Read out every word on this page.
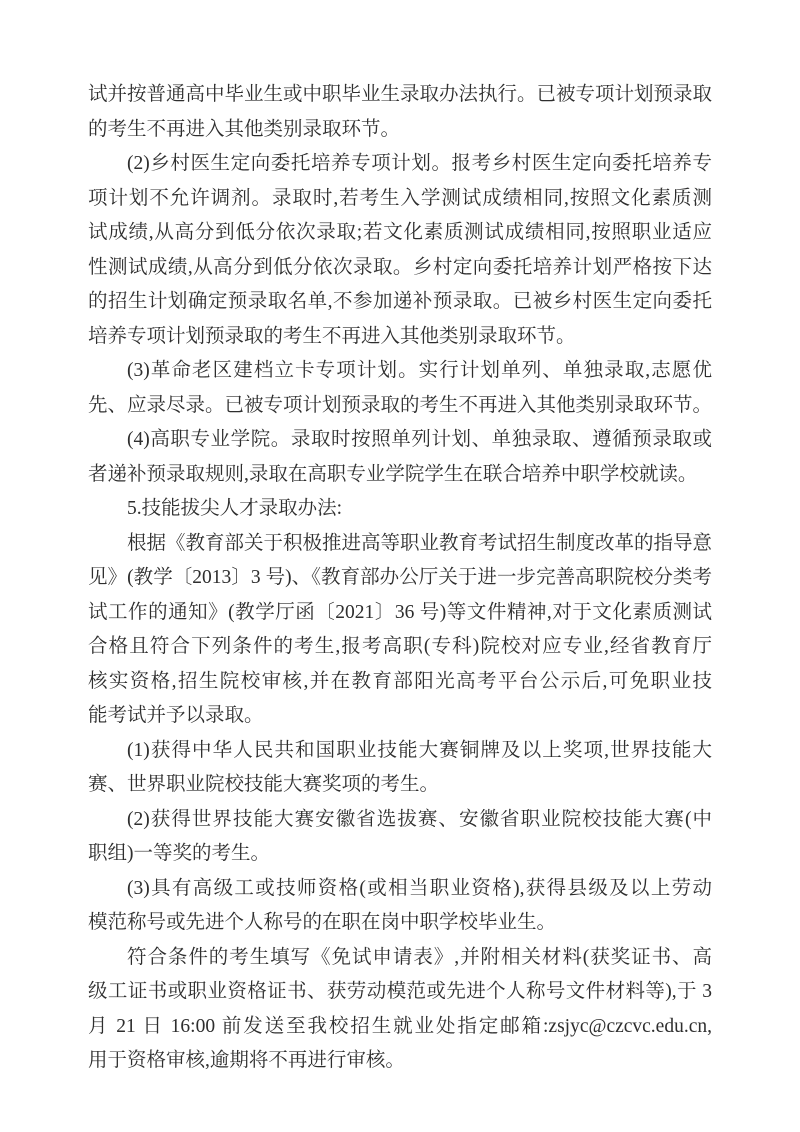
试并按普通高中毕业生或中职毕业生录取办法执行。已被专项计划预录取
的考生不再进入其他类别录取环节。
(2)乡村医生定向委托培养专项计划。报考乡村医生定向委托培养专
项计划不允许调剂。录取时,若考生入学测试成绩相同,按照文化素质测
试成绩,从高分到低分依次录取;若文化素质测试成绩相同,按照职业适应
性测试成绩,从高分到低分依次录取。乡村定向委托培养计划严格按下达
的招生计划确定预录取名单,不参加递补预录取。已被乡村医生定向委托
培养专项计划预录取的考生不再进入其他类别录取环节。
(3)革命老区建档立卡专项计划。实行计划单列、单独录取,志愿优
先、应录尽录。已被专项计划预录取的考生不再进入其他类别录取环节。
(4)高职专业学院。录取时按照单列计划、单独录取、遵循预录取或
者递补预录取规则,录取在高职专业学院学生在联合培养中职学校就读。
5.技能拔尖人才录取办法:
根据《教育部关于积极推进高等职业教育考试招生制度改革的指导意
见》(教学〔2013〕3 号)、《教育部办公厅关于进一步完善高职院校分类考
试工作的通知》(教学厅函〔2021〕36 号)等文件精神,对于文化素质测试
合格且符合下列条件的考生,报考高职(专科)院校对应专业,经省教育厅
核实资格,招生院校审核,并在教育部阳光高考平台公示后,可免职业技
能考试并予以录取。
(1)获得中华人民共和国职业技能大赛铜牌及以上奖项,世界技能大
赛、世界职业院校技能大赛奖项的考生。
(2)获得世界技能大赛安徽省选拔赛、安徽省职业院校技能大赛(中
职组)一等奖的考生。
(3)具有高级工或技师资格(或相当职业资格),获得县级及以上劳动
模范称号或先进个人称号的在职在岗中职学校毕业生。
符合条件的考生填写《免试申请表》,并附相关材料(获奖证书、高
级工证书或职业资格证书、获劳动模范或先进个人称号文件材料等),于 3
月 21 日 16:00 前发送至我校招生就业处指定邮箱:zsjyc@czcvc.edu.cn,
用于资格审核,逾期将不再进行审核。
